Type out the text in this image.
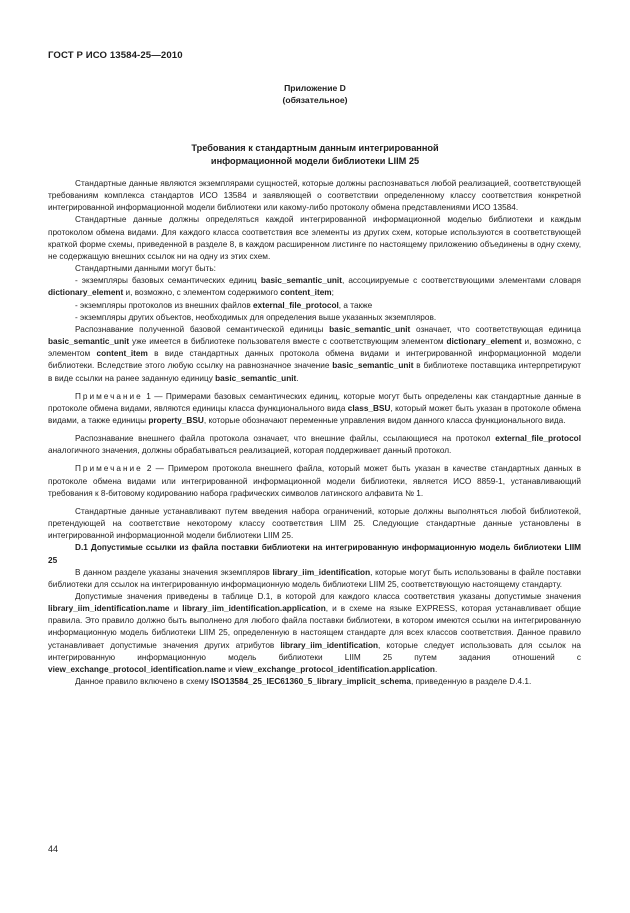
ГОСТ Р ИСО 13584-25—2010
Приложение D
(обязательное)
Требования к стандартным данным интегрированной
информационной модели библиотеки LIIM 25

Стандартные данные являются экземплярами сущностей, которые должны распознаваться любой реализацией, соответствующей требованиям комплекса стандартов ИСО 13584 и заявляющей о соответствии определенному классу соответствия конкретной интегрированной информационной модели библиотеки или какому-либо протоколу обмена представлениями ИСО 13584.

Стандартные данные должны определяться каждой интегрированной информационной моделью библиотеки и каждым протоколом обмена видами. Для каждого класса соответствия все элементы из других схем, которые используются в соответствующей краткой форме схемы, приведенной в разделе 8, в каждом расширенном листинге по настоящему приложению объединены в одну схему, не содержащую внешних ссылок ни на одну из этих схем.

Стандартными данными могут быть:

- экземпляры базовых семантических единиц basic_semantic_unit, ассоциируемые с соответствующими элементами словаря dictionary_element и, возможно, с элементом содержимого content_item;

- экземпляры протоколов из внешних файлов external_file_protocol, а также

- экземпляры других объектов, необходимых для определения выше указанных экземпляров.

Распознавание полученной базовой семантической единицы basic_semantic_unit означает, что соответствующая единица basic_semantic_unit уже имеется в библиотеке пользователя вместе с соответствующим элементом dictionary_element и, возможно, с элементом content_item в виде стандартных данных протокола обмена видами и интегрированной информационной модели библиотеки. Вследствие этого любую ссылку на равнозначное значение basic_semantic_unit в библиотеке поставщика интерпретируют в виде ссылки на ранее заданную единицу basic_semantic_unit.

Примечание 1 — Примерами базовых семантических единиц, которые могут быть определены как стандартные данные в протоколе обмена видами, являются единицы класса функционального вида class_BSU, который может быть указан в протоколе обмена видами, а также единицы property_BSU, которые обозначают переменные управления видом данного класса функционального вида.

Распознавание внешнего файла протокола означает, что внешние файлы, ссылающиеся на протокол external_file_protocol аналогичного значения, должны обрабатываться реализацией, которая поддерживает данный протокол.

Примечание 2 — Примером протокола внешнего файла, который может быть указан в качестве стандартных данных в протоколе обмена видами или интегрированной информационной модели библиотеки, является ИСО 8859-1, устанавливающий требования к 8-битовому кодированию набора графических символов латинского алфавита № 1.

Стандартные данные устанавливают путем введения набора ограничений, которые должны выполняться любой библиотекой, претендующей на соответствие некоторому классу соответствия LIIM 25. Следующие стандартные данные установлены в интегрированной информационной модели библиотеки LIIM 25.

D.1 Допустимые ссылки из файла поставки библиотеки на интегрированную информационную модель библиотеки LIIM 25

В данном разделе указаны значения экземпляров library_iim_identification, которые могут быть использованы в файле поставки библиотеки для ссылок на интегрированную информационную модель библиотеки LIIM 25, соответствующую настоящему стандарту.

Допустимые значения приведены в таблице D.1, в которой для каждого класса соответствия указаны допустимые значения library_iim_identification.name и library_iim_identification.application, и в схеме на языке EXPRESS, которая устанавливает общие правила. Это правило должно быть выполнено для любого файла поставки библиотеки, в котором имеются ссылки на интегрированную информационную модель библиотеки LIIM 25, определенную в настоящем стандарте для всех классов соответствия. Данное правило устанавливает допустимые значения других атрибутов library_iim_identification, которые следует использовать для ссылок на интегрированную информационную модель библиотеки LIIM 25 путем задания отношений с view_exchange_protocol_identification.name и view_exchange_protocol_identification.application.

Данное правило включено в схему ISO13584_25_IEC61360_5_library_implicit_schema, приведенную в разделе D.4.1.

44
